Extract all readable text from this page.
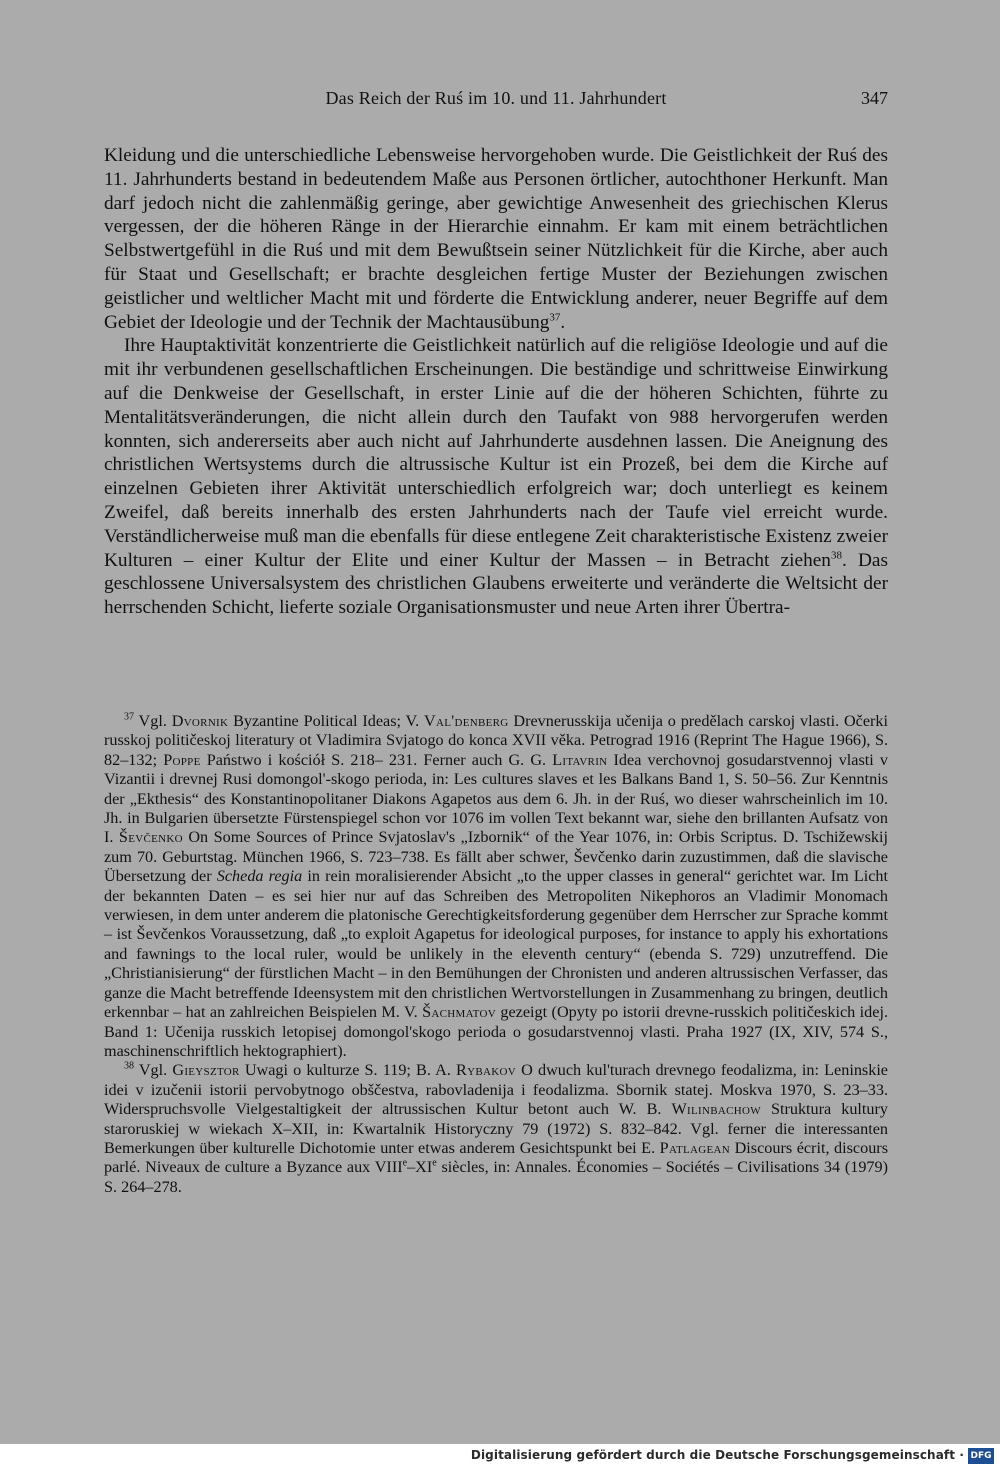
Das Reich der Ruś im 10. und 11. Jahrhundert	347

Kleidung und die unterschiedliche Lebensweise hervorgehoben wurde. Die Geistlichkeit der Ruś des 11. Jahrhunderts bestand in bedeutendem Maße aus Personen örtlicher, autochthoner Herkunft. Man darf jedoch nicht die zahlenmäßig geringe, aber gewichtige Anwesenheit des griechischen Klerus vergessen, der die höheren Ränge in der Hierarchie einnahm. Er kam mit einem beträchtlichen Selbstwertgefühl in die Ruś und mit dem Bewußtsein seiner Nützlichkeit für die Kirche, aber auch für Staat und Gesellschaft; er brachte desgleichen fertige Muster der Beziehungen zwischen geistlicher und weltlicher Macht mit und förderte die Entwicklung anderer, neuer Begriffe auf dem Gebiet der Ideologie und der Technik der Machtausübung$^{37}$.

Ihre Hauptaktivität konzentrierte die Geistlichkeit natürlich auf die religiöse Ideologie und auf die mit ihr verbundenen gesellschaftlichen Erscheinungen. Die beständige und schrittweise Einwirkung auf die Denkweise der Gesellschaft, in erster Linie auf die der höheren Schichten, führte zu Mentalitätsveränderungen, die nicht allein durch den Taufakt von 988 hervorgerufen werden konnten, sich andererseits aber auch nicht auf Jahrhunderte ausdehnen lassen. Die Aneignung des christlichen Wertsystems durch die altrussische Kultur ist ein Prozeß, bei dem die Kirche auf einzelnen Gebieten ihrer Aktivität unterschiedlich erfolgreich war; doch unterliegt es keinem Zweifel, daß bereits innerhalb des ersten Jahrhunderts nach der Taufe viel erreicht wurde. Verständlicherweise muß man die ebenfalls für diese entlegene Zeit charakteristische Existenz zweier Kulturen – einer Kultur der Elite und einer Kultur der Massen – in Betracht ziehen$^{38}$. Das geschlossene Universalsystem des christlichen Glaubens erweiterte und veränderte die Weltsicht der herrschenden Schicht, lieferte soziale Organisationsmuster und neue Arten ihrer Übertra-

$^{37}$ Vgl. Dvornik Byzantine Political Ideas; V. Val'denberg Drevnerusskija učenija o predělach carskoj vlasti. Očerki russkoj političeskoj literatury ot Vladimira Svjatogo do konca XVII věka. Petrograd 1916 (Reprint The Hague 1966), S. 82–132; Poppe Państwo i kościół S. 218– 231. Ferner auch G. G. Litavrin Idea verchovnoj gosudarstvennoj vlasti v Vizantii i drevnej Rusi domongol'-skogo perioda, in: Les cultures slaves et les Balkans Band 1, S. 50–56. Zur Kenntnis der „Ekthesis“ des Konstantinopolitaner Diakons Agapetos aus dem 6. Jh. in der Ruś, wo dieser wahrscheinlich im 10. Jh. in Bulgarien übersetzte Fürstenspiegel schon vor 1076 im vollen Text bekannt war, siehe den brillanten Aufsatz von I. Ševčenko On Some Sources of Prince Svjatoslav's „Izbornik“ of the Year 1076, in: Orbis Scriptus. D. Tschižewskij zum 70. Geburtstag. München 1966, S. 723–738. Es fällt aber schwer, Ševčenko darin zuzustimmen, daß die slavische Übersetzung der Scheda regia in rein moralisierender Absicht „to the upper classes in general“ gerichtet war. Im Licht der bekannten Daten – es sei hier nur auf das Schreiben des Metropoliten Nikephoros an Vladimir Monomach verwiesen, in dem unter anderem die platonische Gerechtigkeitsforderung gegenüber dem Herrscher zur Sprache kommt – ist Ševčenkos Voraussetzung, daß „to exploit Agapetus for ideological purposes, for instance to apply his exhortations and fawnings to the local ruler, would be unlikely in the eleventh century“ (ebenda S. 729) unzutreffend. Die „Christianisierung“ der fürstlichen Macht – in den Bemühungen der Chronisten und anderen altrussischen Verfasser, das ganze die Macht betreffende Ideensystem mit den christlichen Wertvorstellungen in Zusammenhang zu bringen, deutlich erkennbar – hat an zahlreichen Beispielen M. V. Šachmatov gezeigt (Opyty po istorii drevne-russkich političeskich idej. Band 1: Učenija russkich letopisej domongol'skogo perioda o gosudarstvennoj vlasti. Praha 1927 (IX, XIV, 574 S., maschinenschriftlich hektographiert).

$^{38}$ Vgl. Gieysztor Uwagi o kulturze S. 119; B. A. Rybakov O dwuch kul'turach drevnego feodalizma, in: Leninskie idei v izučenii istorii pervobytnogo obščestva, rabovladenija i feodalizma. Sbornik statej. Moskva 1970, S. 23–33. Widerspruchsvolle Vielgestaltigkeit der altrussischen Kultur betont auch W. B. Wilinbachow Struktura kultury staroruskiej w wiekach X–XII, in: Kwartalnik Historyczny 79 (1972) S. 832–842. Vgl. ferner die interessanten Bemerkungen über kulturelle Dichotomie unter etwas anderem Gesichtspunkt bei E. Patlagean Discours écrit, discours parlé. Niveaux de culture a Byzance aux VIIIe–XIe siècles, in: Annales. Économies – Sociétés – Civilisations 34 (1979) S. 264–278.

Digitalisierung gefördert durch die Deutsche Forschungsgemeinschaft · DFG
